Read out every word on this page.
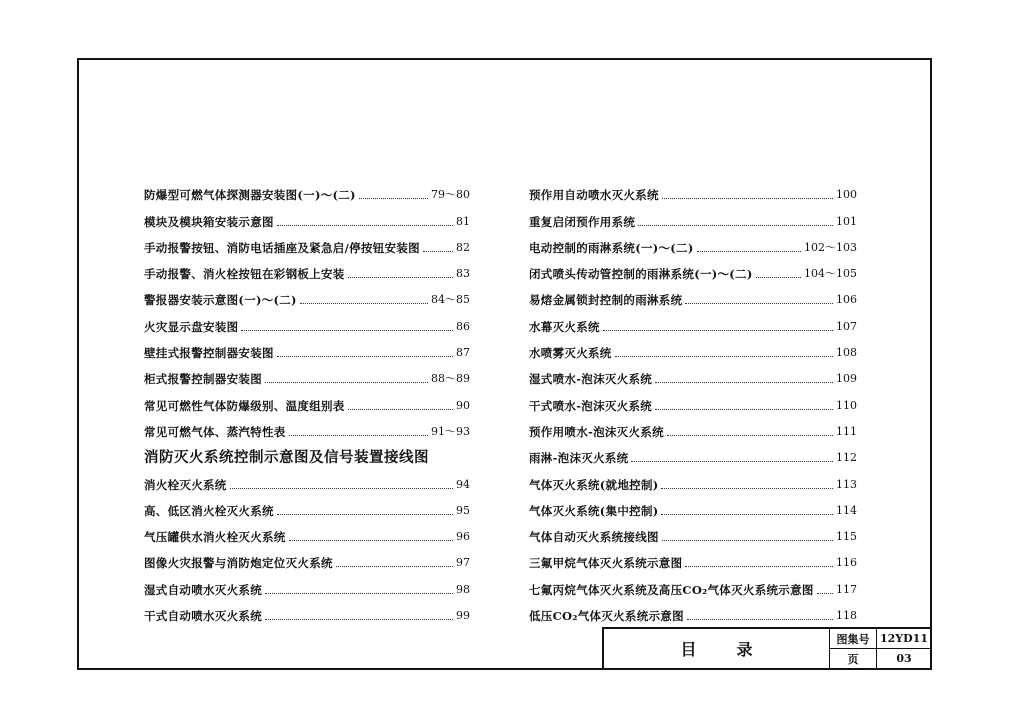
防爆型可燃气体探测器安装图(一)～(二)	79～80
模块及模块箱安装示意图	81
手动报警按钮、消防电话插座及紧急启/停按钮安装图	82
手动报警、消火栓按钮在彩钢板上安装	83
警报器安装示意图(一)～(二)	84～85
火灾显示盘安装图	86
壁挂式报警控制器安装图	87
柜式报警控制器安装图	88～89
常见可燃性气体防爆级别、温度组别表	90
常见可燃气体、蒸汽特性表	91～93
消防灭火系统控制示意图及信号装置接线图
消火栓灭火系统	94
高、低区消火栓灭火系统	95
气压罐供水消火栓灭火系统	96
图像火灾报警与消防炮定位灭火系统	97
湿式自动喷水灭火系统	98
干式自动喷水灭火系统	99
预作用自动喷水灭火系统	100
重复启闭预作用系统	101
电动控制的雨淋系统(一)～(二)	102～103
闭式喷头传动管控制的雨淋系统(一)～(二)	104～105
易熔金属锁封控制的雨淋系统	106
水幕灭火系统	107
水喷雾灭火系统	108
湿式喷水-泡沫灭火系统	109
干式喷水-泡沫灭火系统	110
预作用喷水-泡沫灭火系统	111
雨淋-泡沫灭火系统	112
气体灭火系统(就地控制)	113
气体灭火系统(集中控制)	114
气体自动灭火系统接线图	115
三氟甲烷气体灭火系统示意图	116
七氟丙烷气体灭火系统及高压CO₂气体灭火系统示意图 117
低压CO₂气体灭火系统示意图	118
目录
图集号 12YD11
页	03
